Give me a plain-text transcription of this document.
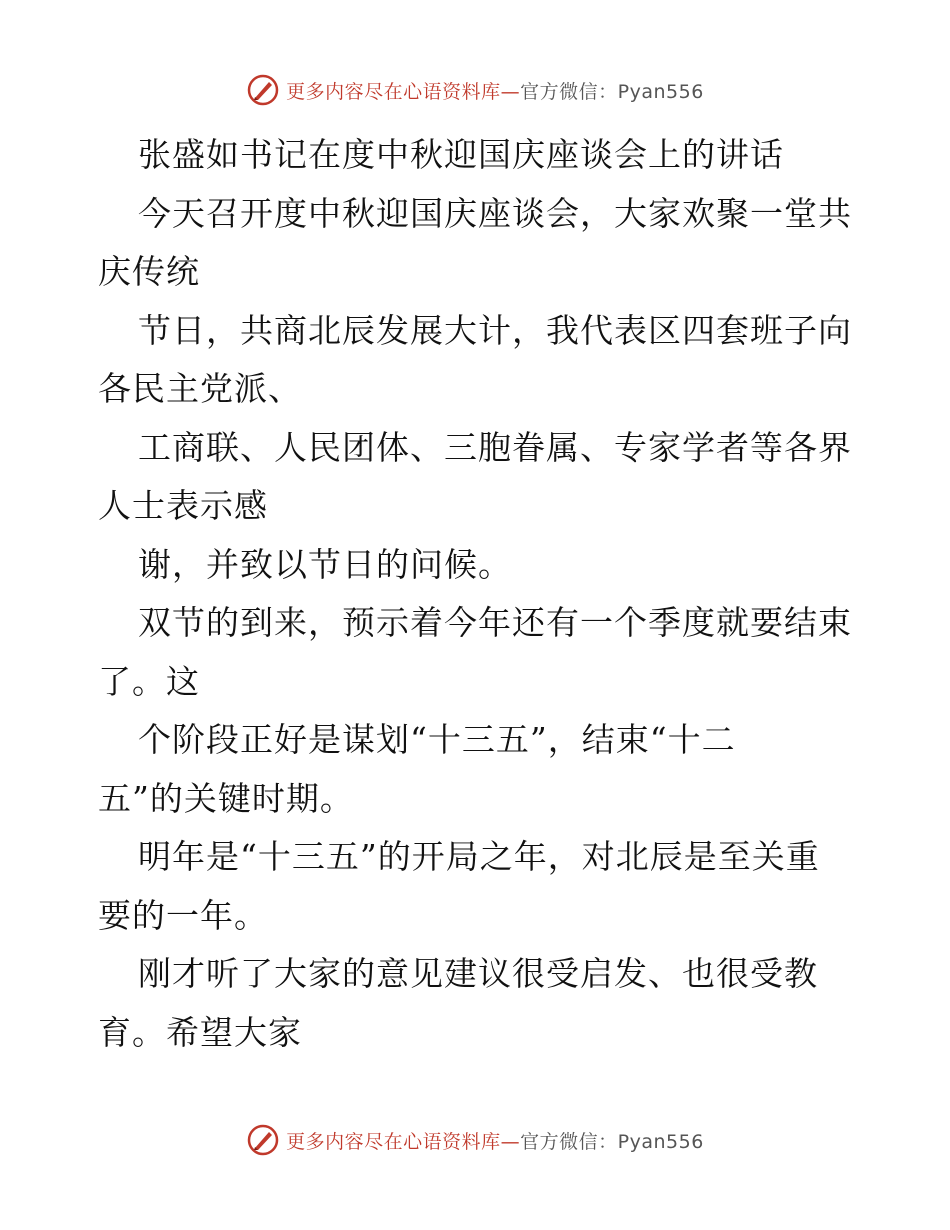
更多内容尽在心语资料库—官方微信：Pyan556
张盛如书记在度中秋迎国庆座谈会上的讲话
今天召开度中秋迎国庆座谈会，大家欢聚一堂共
庆传统
节日，共商北辰发展大计，我代表区四套班子向
各民主党派、
工商联、人民团体、三胞眷属、专家学者等各界
人士表示感
谢，并致以节日的问候。
双节的到来，预示着今年还有一个季度就要结束
了。这
个阶段正好是谋划“十三五”，结束“十二
五”的关键时期。
明年是“十三五”的开局之年，对北辰是至关重
要的一年。
刚才听了大家的意见建议很受启发、也很受教
育。希望大家
更多内容尽在心语资料库—官方微信：Pyan556
